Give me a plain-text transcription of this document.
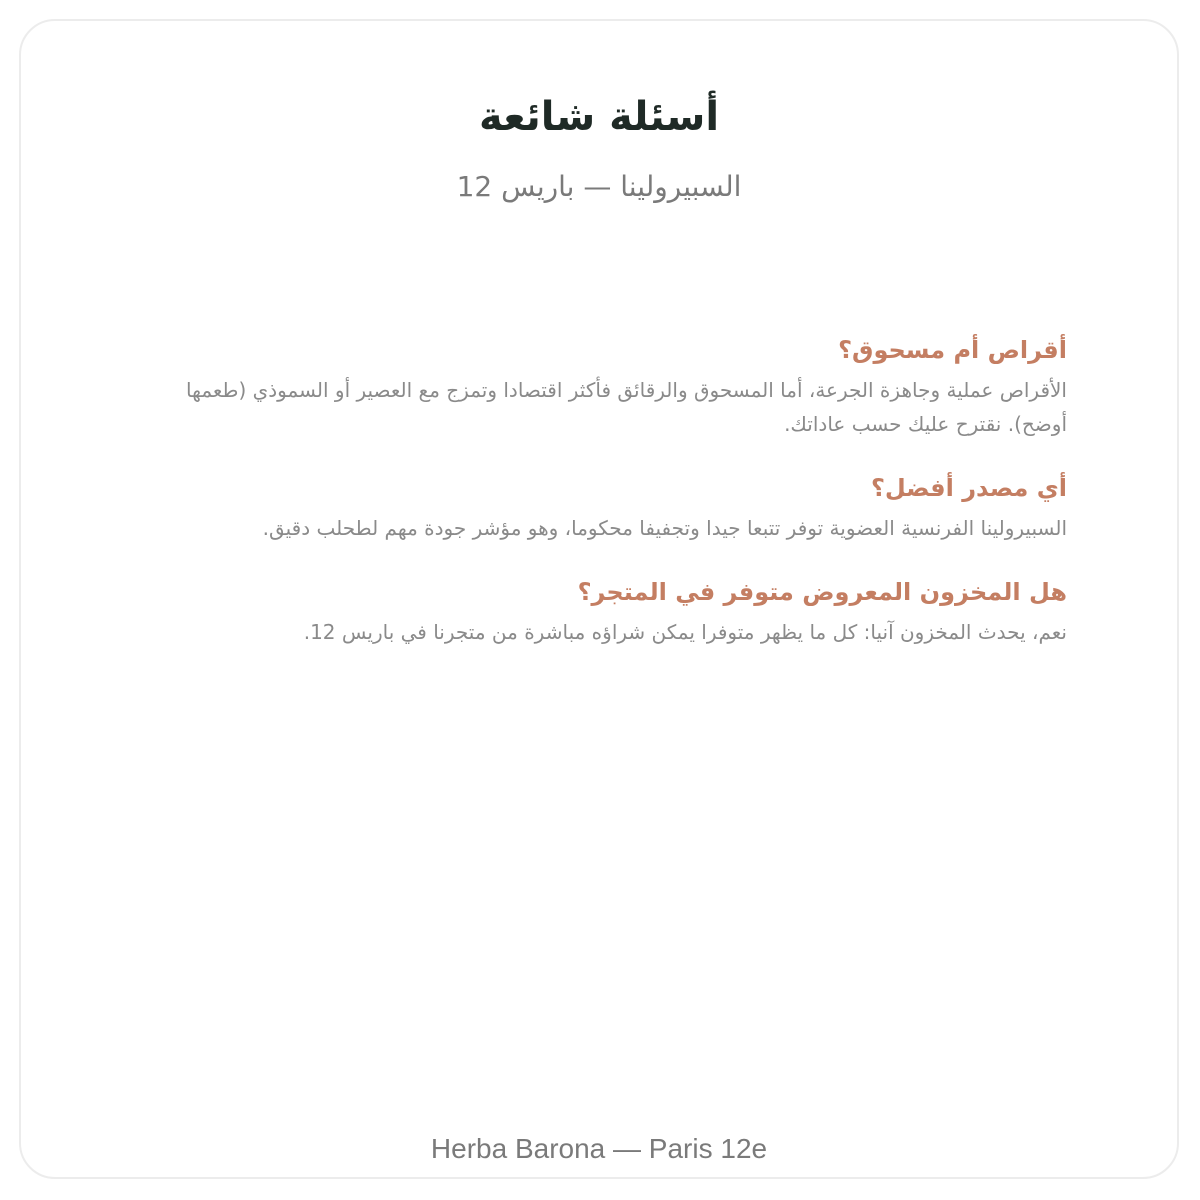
أسئلة شائعة

السبيرولينا — باريس 12

أقراص أم مسحوق؟

الأقراص عملية وجاهزة الجرعة، أما المسحوق والرقائق فأكثر اقتصادا وتمزج مع العصير أو السموذي (طعمها أوضح). نقترح عليك حسب عاداتك.

أي مصدر أفضل؟

السبيرولينا الفرنسية العضوية توفر تتبعا جيدا وتجفيفا محكوما، وهو مؤشر جودة مهم لطحلب دقيق.

هل المخزون المعروض متوفر في المتجر؟

نعم، يحدث المخزون آنيا: كل ما يظهر متوفرا يمكن شراؤه مباشرة من متجرنا في باريس 12.

Herba Barona — Paris 12e
